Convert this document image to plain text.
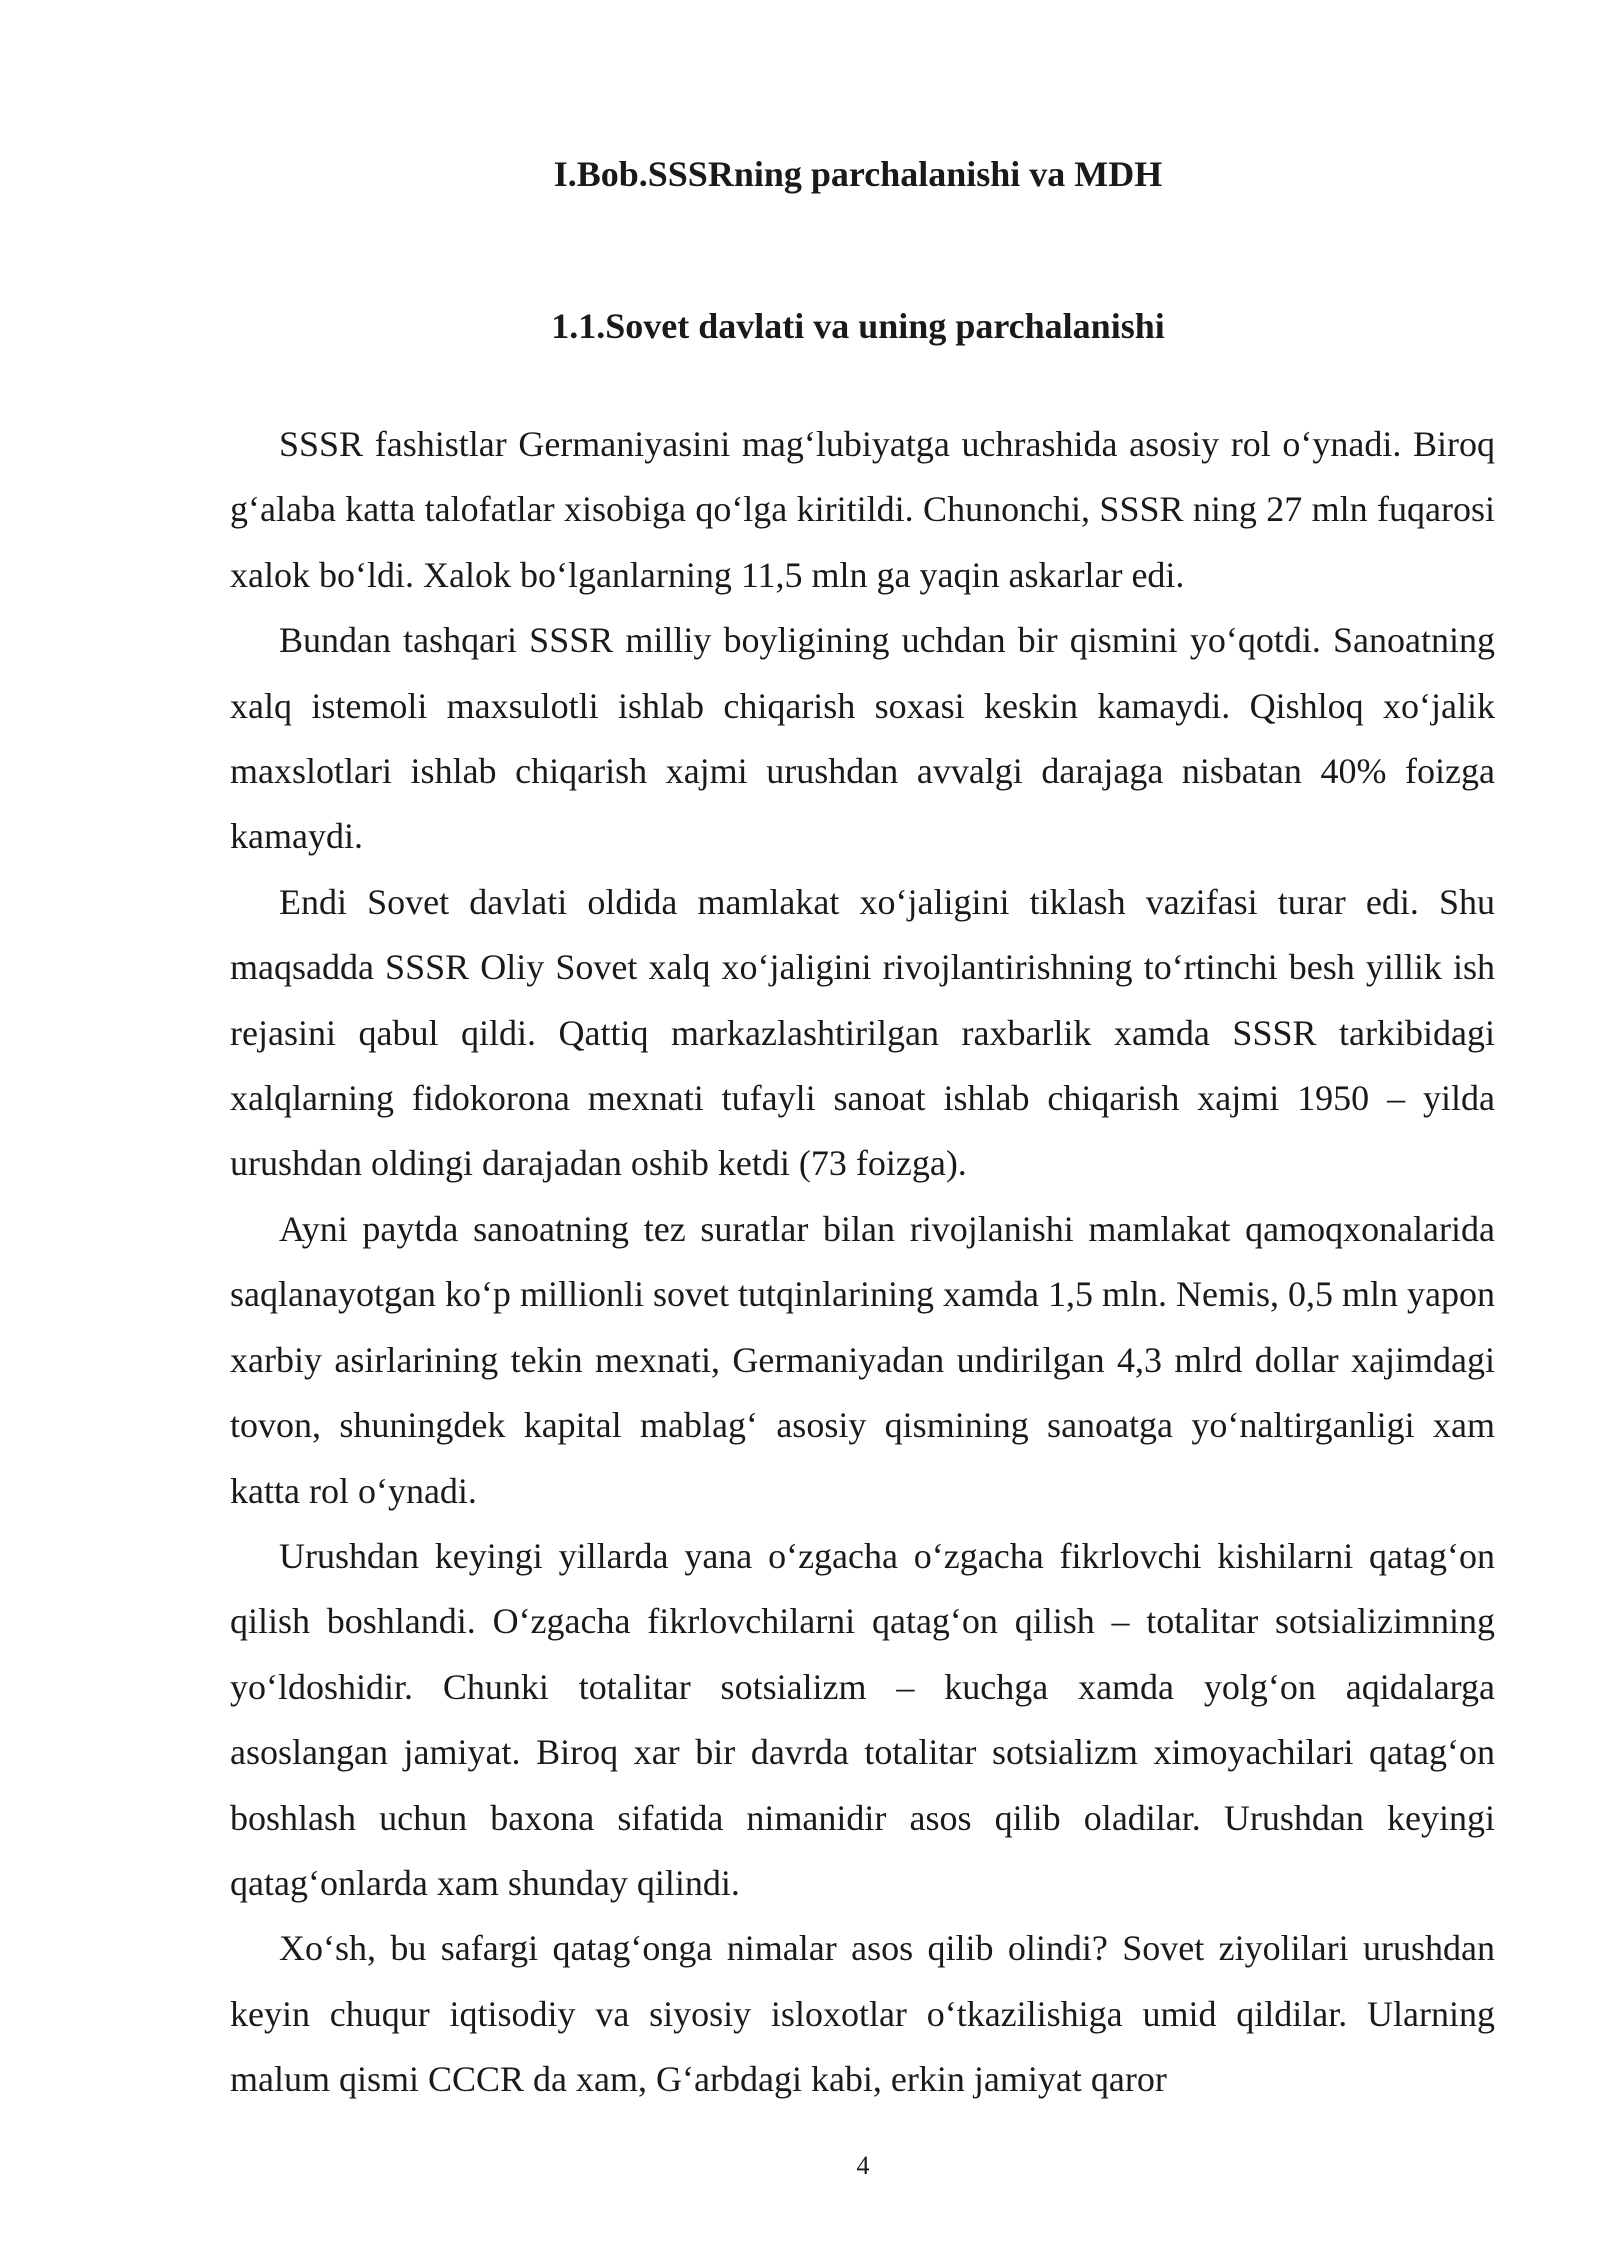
I.Bob.SSSRning parchalanishi va MDH
1.1.Sovet davlati va uning parchalanishi

SSSR fashistlar Germaniyasini mag‘lubiyatga uchrashida asosiy rol o‘ynadi. Biroq g‘alaba katta talofatlar xisobiga qo‘lga kiritildi. Chunonchi, SSSR ning 27 mln fuqarosi xalok bo‘ldi. Xalok bo‘lganlarning 11,5 mln ga yaqin askarlar edi.

Bundan tashqari SSSR milliy boyligining uchdan bir qismini yo‘qotdi. Sanoatning xalq istemoli maxsulotli ishlab chiqarish soxasi keskin kamaydi. Qishloq xo‘jalik maxslotlari ishlab chiqarish xajmi urushdan avvalgi darajaga nisbatan 40% foizga kamaydi.

Endi Sovet davlati oldida mamlakat xo‘jaligini tiklash vazifasi turar edi. Shu maqsadda SSSR Oliy Sovet xalq xo‘jaligini rivojlantirishning to‘rtinchi besh yillik ish rejasini qabul qildi. Qattiq markazlashtirilgan raxbarlik xamda SSSR tarkibidagi xalqlarning fidokorona mexnati tufayli sanoat ishlab chiqarish xajmi 1950 – yilda urushdan oldingi darajadan oshib ketdi (73 foizga).

Ayni paytda sanoatning tez suratlar bilan rivojlanishi mamlakat qamoqxonalarida saqlanayotgan ko‘p millionli sovet tutqinlarining xamda 1,5 mln. Nemis, 0,5 mln yapon xarbiy asirlarining tekin mexnati, Germaniyadan undirilgan 4,3 mlrd dollar xajimdagi tovon, shuningdek kapital mablag‘ asosiy qismining sanoatga yo‘naltirganligi xam katta rol o‘ynadi.

Urushdan keyingi yillarda yana o‘zgacha o‘zgacha fikrlovchi kishilarni qatag‘on qilish boshlandi. O‘zgacha fikrlovchilarni qatag‘on qilish – totalitar sotsializimning yo‘ldoshidir. Chunki totalitar sotsializm – kuchga xamda yolg‘on aqidalarga asoslangan jamiyat. Biroq xar bir davrda totalitar sotsializm ximoyachilari qatag‘on boshlash uchun baxona sifatida nimanidir asos qilib oladilar. Urushdan keyingi qatag‘onlarda xam shunday qilindi.

Xo‘sh, bu safargi qatag‘onga nimalar asos qilib olindi? Sovet ziyolilari urushdan keyin chuqur iqtisodiy va siyosiy isloxotlar o‘tkazilishiga umid qildilar. Ularning malum qismi CCCR da xam, G‘arbdagi kabi, erkin jamiyat qaror

4
